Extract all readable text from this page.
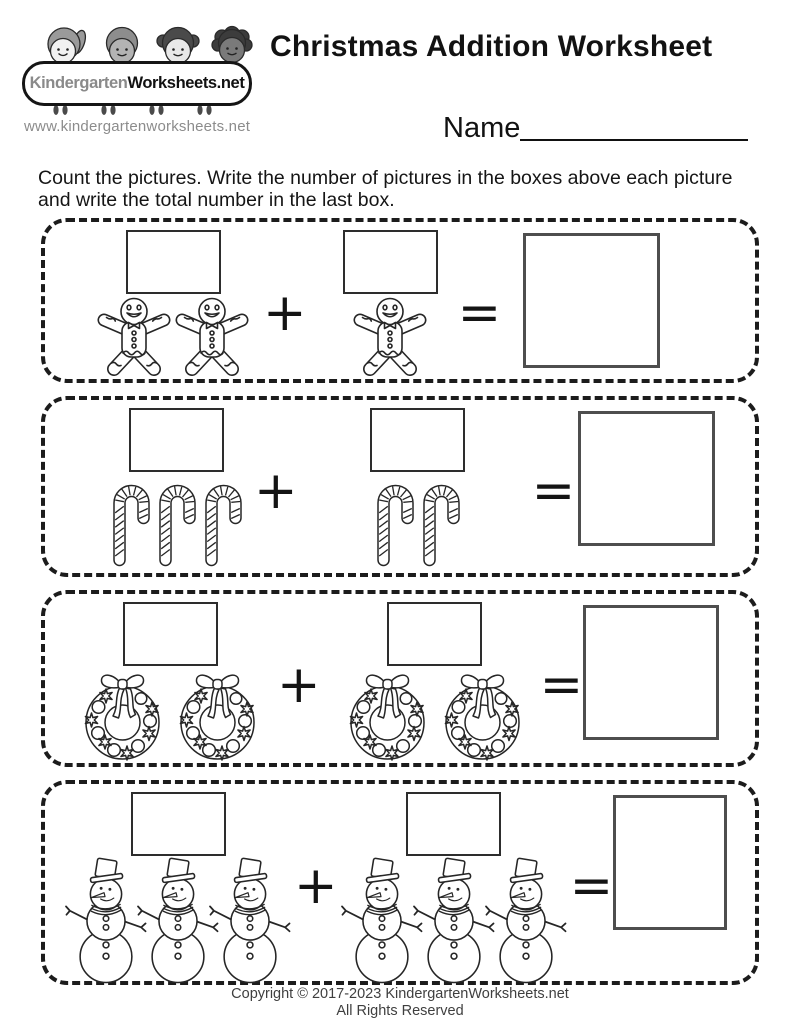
Kindergarten Worksheets.net
www.kindergartenworksheets.net
Christmas Addition Worksheet
Name
Count the pictures. Write the number of pictures in the boxes above each picture
and write the total number in the last box.
+	=
+	=
+	=
+	=
Copyright © 2017-2023 KindergartenWorksheets.net
All Rights Reserved
